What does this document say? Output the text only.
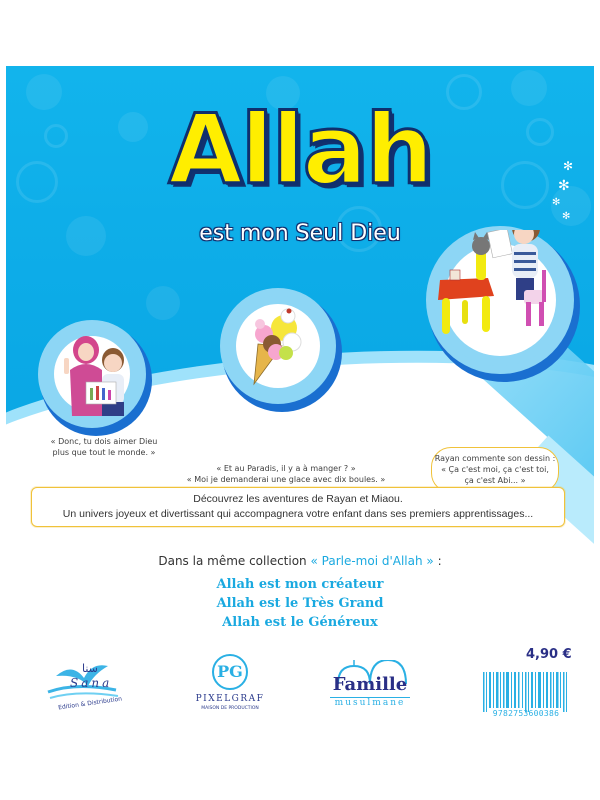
Allah
est mon Seul Dieu
✻
✻
✻
✻
« Donc, tu dois aimer Dieu
plus que tout le monde. »
« Et au Paradis, il y a à manger ? »
« Moi je demanderai une glace avec dix boules. »
Rayan commente son dessin :
« Ça c'est moi, ça c'est toi,
ça c'est Abi... »
Découvrez les aventures de Rayan et Miaou.
Un univers joyeux et divertissant qui accompagnera votre enfant dans ses premiers apprentissages...
Dans la même collection « Parle-moi d'Allah » :
Allah est mon créateur
Allah est le Très Grand
Allah est le Généreux
Sana
سنا
Edition & Distribution
PG
PIXELGRAF
MAISON DE PRODUCTION
Famille
musulmane
4,90 €
9782753600386
